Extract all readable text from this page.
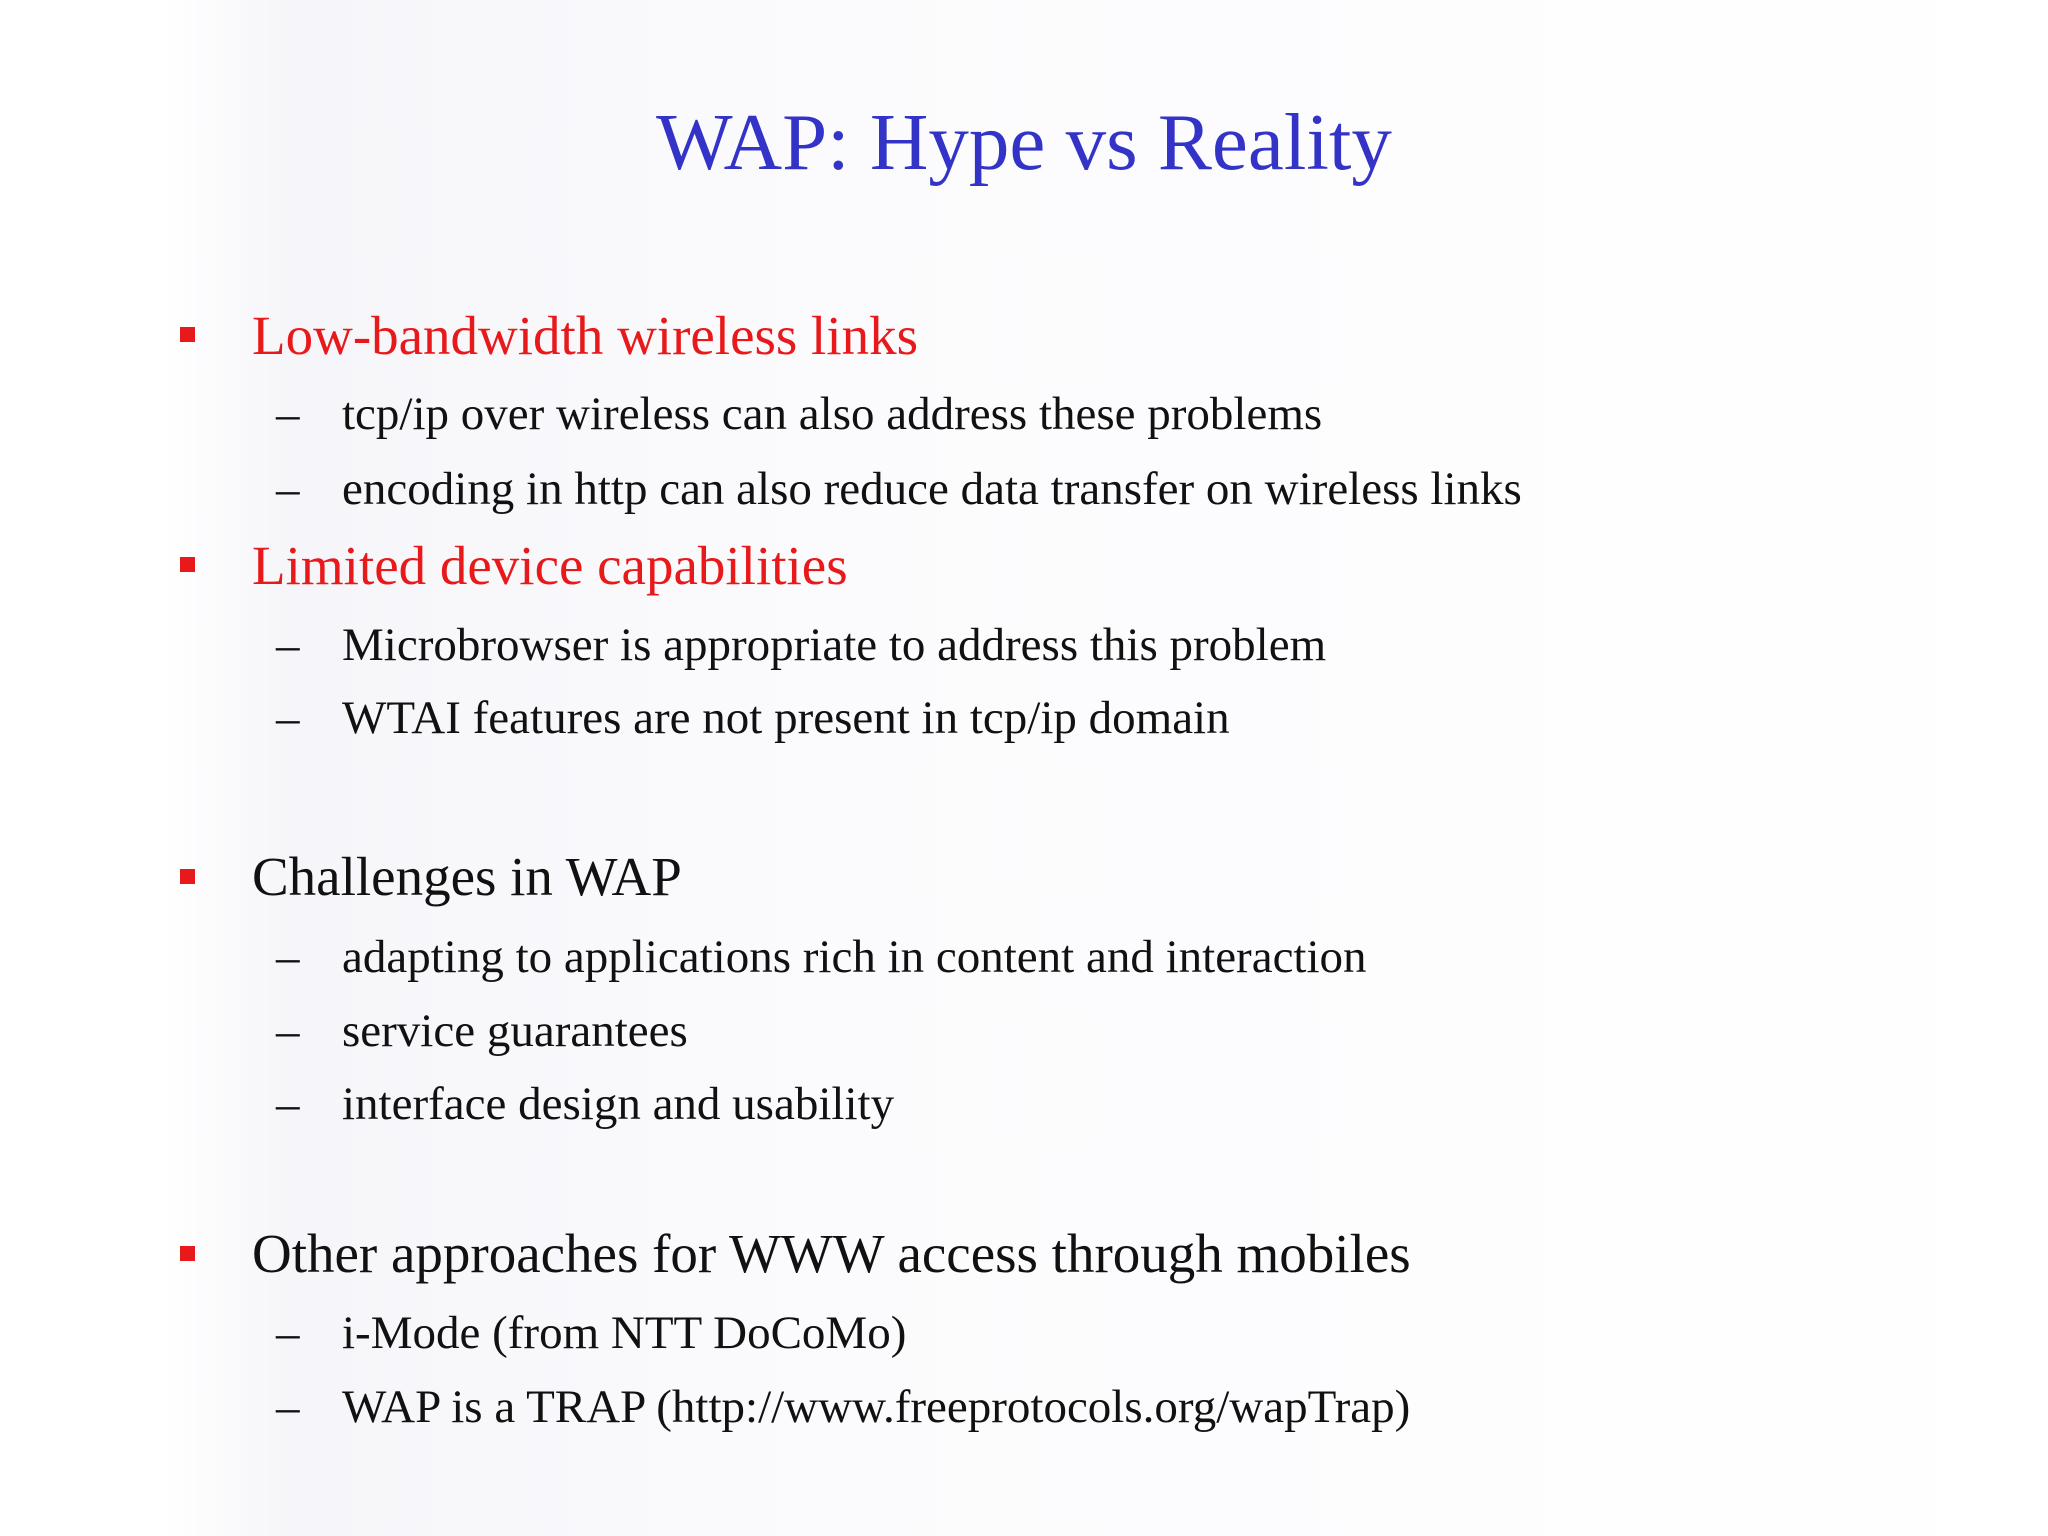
WAP: Hype vs Reality
Low-bandwidth wireless links
– tcp/ip over wireless can also address these problems
– encoding in http can also reduce data transfer on wireless links
Limited device capabilities
– Microbrowser is appropriate to address this problem
– WTAI features are not present in tcp/ip domain
Challenges in WAP
– adapting to applications rich in content and interaction
– service guarantees
– interface design and usability
Other approaches for WWW access through mobiles
– i-Mode (from NTT DoCoMo)
– WAP is a TRAP (http://www.freeprotocols.org/wapTrap)
